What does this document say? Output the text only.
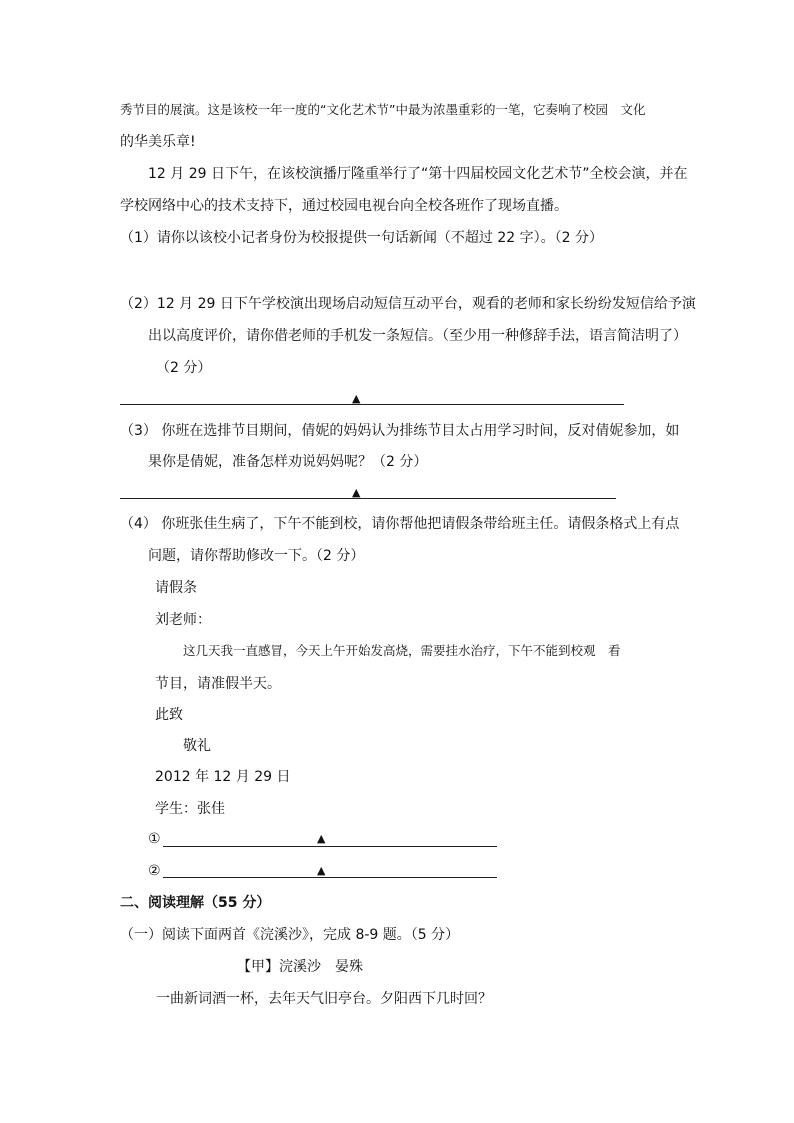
秀节目的展演。这是该校一年一度的“文化艺术节”中最为浓墨重彩的一笔，它奏响了校园　文化
的华美乐章!
12 月 29 日下午，在该校演播厅隆重举行了“第十四届校园文化艺术节”全校会演，并在
学校网络中心的技术支持下，通过校园电视台向全校各班作了现场直播。
（1）请你以该校小记者身份为校报提供一句话新闻（不超过 22 字）。（2 分）
（2）12 月 29 日下午学校演出现场启动短信互动平台，观看的老师和家长纷纷发短信给予演
出以高度评价，请你借老师的手机发一条短信。（至少用一种修辞手法，语言简洁明了）
（2 分）
▲
（3） 你班在选排节目期间，倩妮的妈妈认为排练节目太占用学习时间，反对倩妮参加，如
果你是倩妮，准备怎样劝说妈妈呢？（2 分）
▲
（4） 你班张佳生病了，下午不能到校，请你帮他把请假条带给班主任。请假条格式上有点
问题，请你帮助修改一下。（2 分）
请假条
刘老师：
这几天我一直感冒，今天上午开始发高烧，需要挂水治疗，下午不能到校观　看
节目，请准假半天。
此致
敬礼
2012 年 12 月 29 日
学生：张佳
①	▲
②	▲
二、阅读理解（55 分）
（一）阅读下面两首《浣溪沙》，完成 8-9 题。（5 分）
【甲】浣溪沙　晏殊
一曲新词酒一杯，去年天气旧亭台。夕阳西下几时回？
